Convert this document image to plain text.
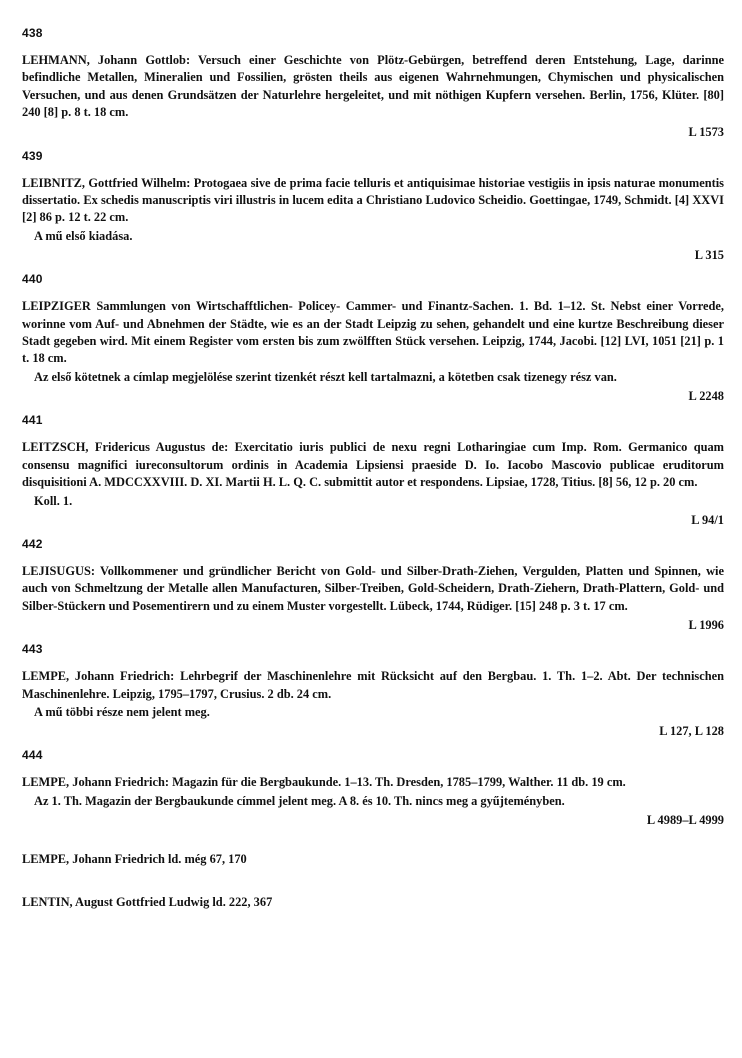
438

LEHMANN, Johann Gottlob: Versuch einer Geschichte von Plötz-Gebürgen, betreffend deren Entstehung, Lage, darinne befindliche Metallen, Mineralien und Fossilien, grösten theils aus eigenen Wahrnehmungen, Chymischen und physicalischen Versuchen, und aus denen Grundsätzen der Naturlehre hergeleitet, und mit nöthigen Kupfern versehen. Berlin, 1756, Klüter. [80] 240 [8] p. 8 t. 18 cm.

L 1573

439

LEIBNITZ, Gottfried Wilhelm: Protogaea sive de prima facie telluris et antiquisimae historiae vestigiis in ipsis naturae monumentis dissertatio. Ex schedis manuscriptis viri illustris in lucem edita a Christiano Ludovico Scheidio. Goettingae, 1749, Schmidt. [4] XXVI [2] 86 p. 12 t. 22 cm.

A mű első kiadása.

L 315

440

LEIPZIGER Sammlungen von Wirtschafftlichen- Policey- Cammer- und Finantz-Sachen. 1. Bd. 1–12. St. Nebst einer Vorrede, worinne vom Auf- und Abnehmen der Städte, wie es an der Stadt Leipzig zu sehen, gehandelt und eine kurtze Beschreibung dieser Stadt gegeben wird. Mit einem Register vom ersten bis zum zwölfften Stück versehen. Leipzig, 1744, Jacobi. [12] LVI, 1051 [21] p. 1 t. 18 cm.

Az első kötetnek a címlap megjelölése szerint tizenkét részt kell tartalmazni, a kötetben csak tizenegy rész van.

L 2248

441

LEITZSCH, Fridericus Augustus de: Exercitatio iuris publici de nexu regni Lotharingiae cum Imp. Rom. Germanico quam consensu magnifici iureconsultorum ordinis in Academia Lipsiensi praeside D. Io. Iacobo Mascovio publicae eruditorum disquisitioni A. MDCCXXVIII. D. XI. Martii H. L. Q. C. submittit autor et respondens. Lipsiae, 1728, Titius. [8] 56, 12 p. 20 cm.

Koll. 1.

L 94/1

442

LEJISUGUS: Vollkommener und gründlicher Bericht von Gold- und Silber-Drath-Ziehen, Vergulden, Platten und Spinnen, wie auch von Schmeltzung der Metalle allen Manufacturen, Silber-Treiben, Gold-Scheidern, Drath-Ziehern, Drath-Plattern, Gold- und Silber-Stückern und Posementirern und zu einem Muster vorgestellt. Lübeck, 1744, Rüdiger. [15] 248 p. 3 t. 17 cm.

L 1996

443

LEMPE, Johann Friedrich: Lehrbegrif der Maschinenlehre mit Rücksicht auf den Bergbau. 1. Th. 1–2. Abt. Der technischen Maschinenlehre. Leipzig, 1795–1797, Crusius. 2 db. 24 cm.

A mű többi része nem jelent meg.

L 127, L 128

444

LEMPE, Johann Friedrich: Magazin für die Bergbaukunde. 1–13. Th. Dresden, 1785–1799, Walther. 11 db. 19 cm.

Az 1. Th. Magazin der Bergbaukunde címmel jelent meg. A 8. és 10. Th. nincs meg a gyűjteményben.

L 4989–L 4999

LEMPE, Johann Friedrich ld. még 67, 170

LENTIN, August Gottfried Ludwig ld. 222, 367
